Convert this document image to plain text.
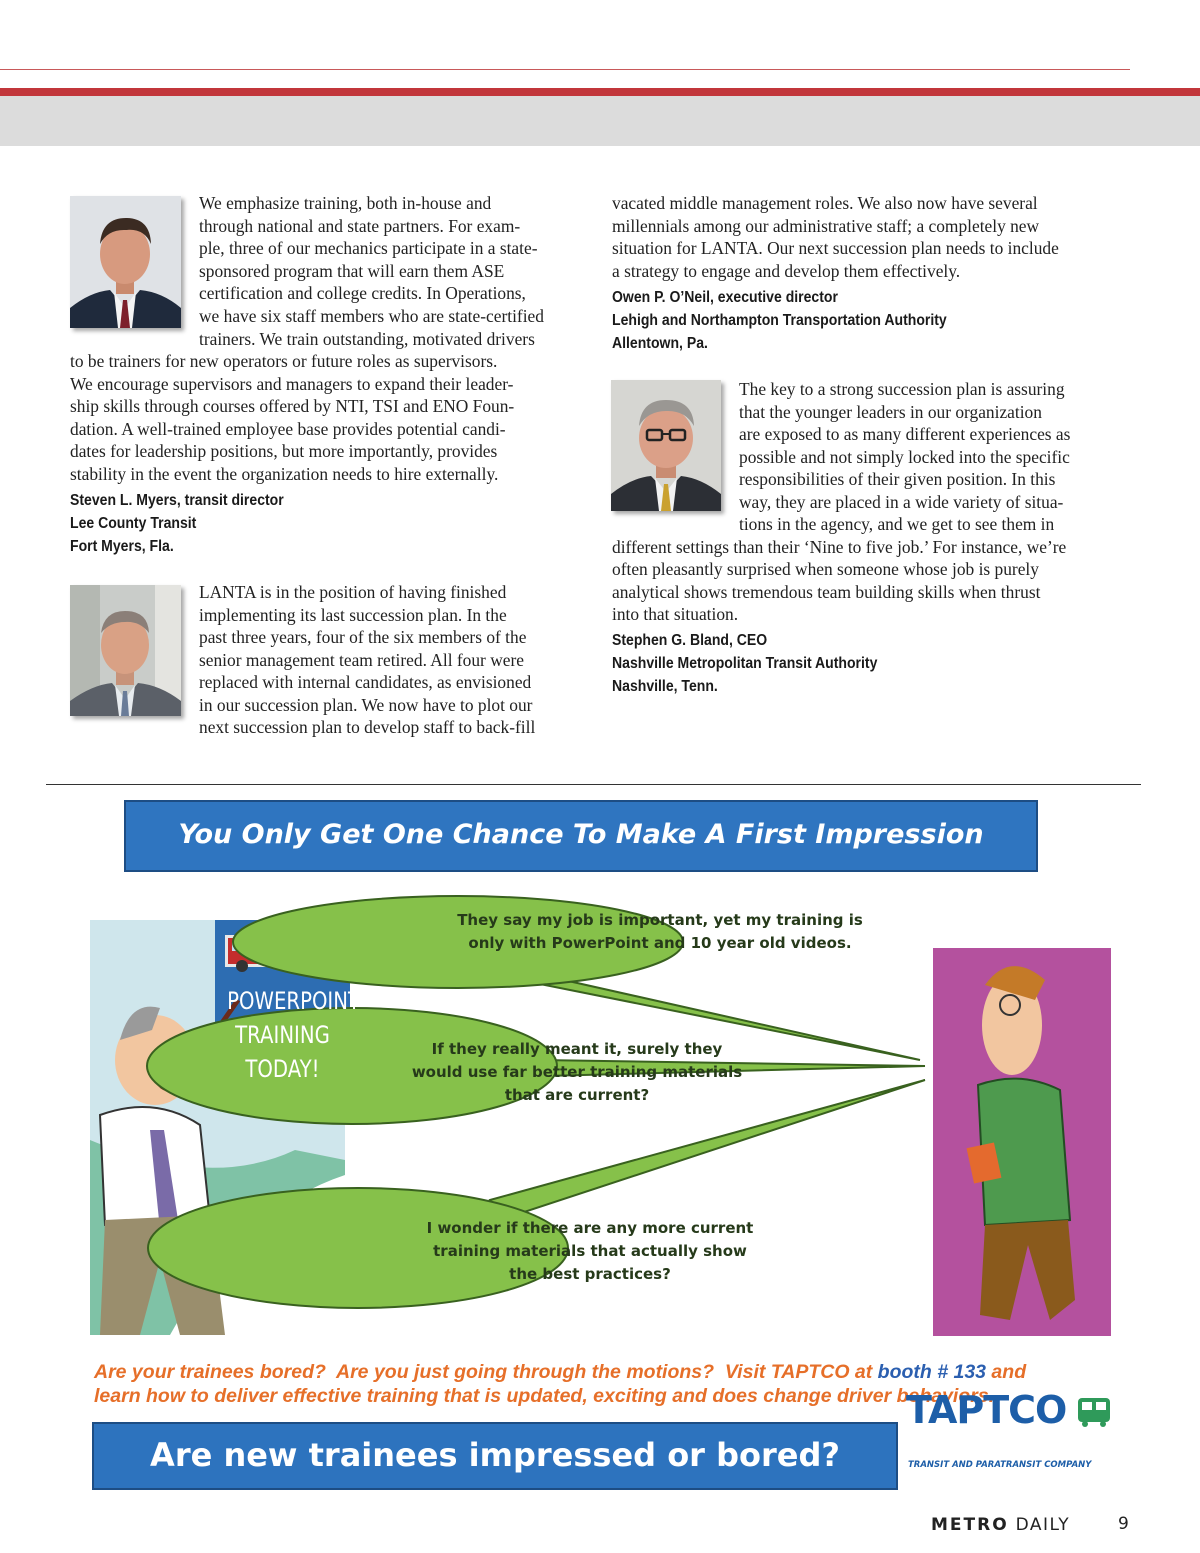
We emphasize training, both in-house and
through national and state partners. For exam-
ple, three of our mechanics participate in a state-
sponsored program that will earn them ASE
certification and college credits. In Operations,
we have six staff members who are state-certified
trainers. We train outstanding, motivated drivers
to be trainers for new operators or future roles as supervisors.
We encourage supervisors and managers to expand their leader-
ship skills through courses offered by NTI, TSI and ENO Foun-
dation. A well-trained employee base provides potential candi-
dates for leadership positions, but more importantly, provides
stability in the event the organization needs to hire externally.
Steven L. Myers, transit director
Lee County Transit
Fort Myers, Fla.
LANTA is in the position of having finished
implementing its last succession plan. In the
past three years, four of the six members of the
senior management team retired. All four were
replaced with internal candidates, as envisioned
in our succession plan. We now have to plot our
next succession plan to develop staff to back-fill
vacated middle management roles. We also now have several
millennials among our administrative staff; a completely new
situation for LANTA. Our next succession plan needs to include
a strategy to engage and develop them effectively.
Owen P. O’Neil, executive director
Lehigh and Northampton Transportation Authority
Allentown, Pa.
The key to a strong succession plan is assuring
that the younger leaders in our organization
are exposed to as many different experiences as
possible and not simply locked into the specific
responsibilities of their given position. In this
way, they are placed in a wide variety of situa-
tions in the agency, and we get to see them in
different settings than their ‘Nine to five job.’ For instance, we’re
often pleasantly surprised when someone whose job is purely
analytical shows tremendous team building skills when thrust
into that situation.
Stephen G. Bland, CEO
Nashville Metropolitan Transit Authority
Nashville, Tenn.
You Only Get One Chance To Make A First Impression
POWERPOINT
TRAINING
TODAY!
They say my job is important, yet my training is
only with PowerPoint and 10 year old videos.
If they really meant it, surely they
would use far better training materials
that are current?
I wonder if there are any more current
training materials that actually show
the best practices?
Are your trainees bored?  Are you just going through the motions?  Visit TAPTCO at booth # 133 and
learn how to deliver effective training that is updated, exciting and does change driver behaviors.
Are new trainees impressed or bored?
TAPTCO
TRANSIT AND PARATRANSIT COMPANY
METRO DAILY	9
